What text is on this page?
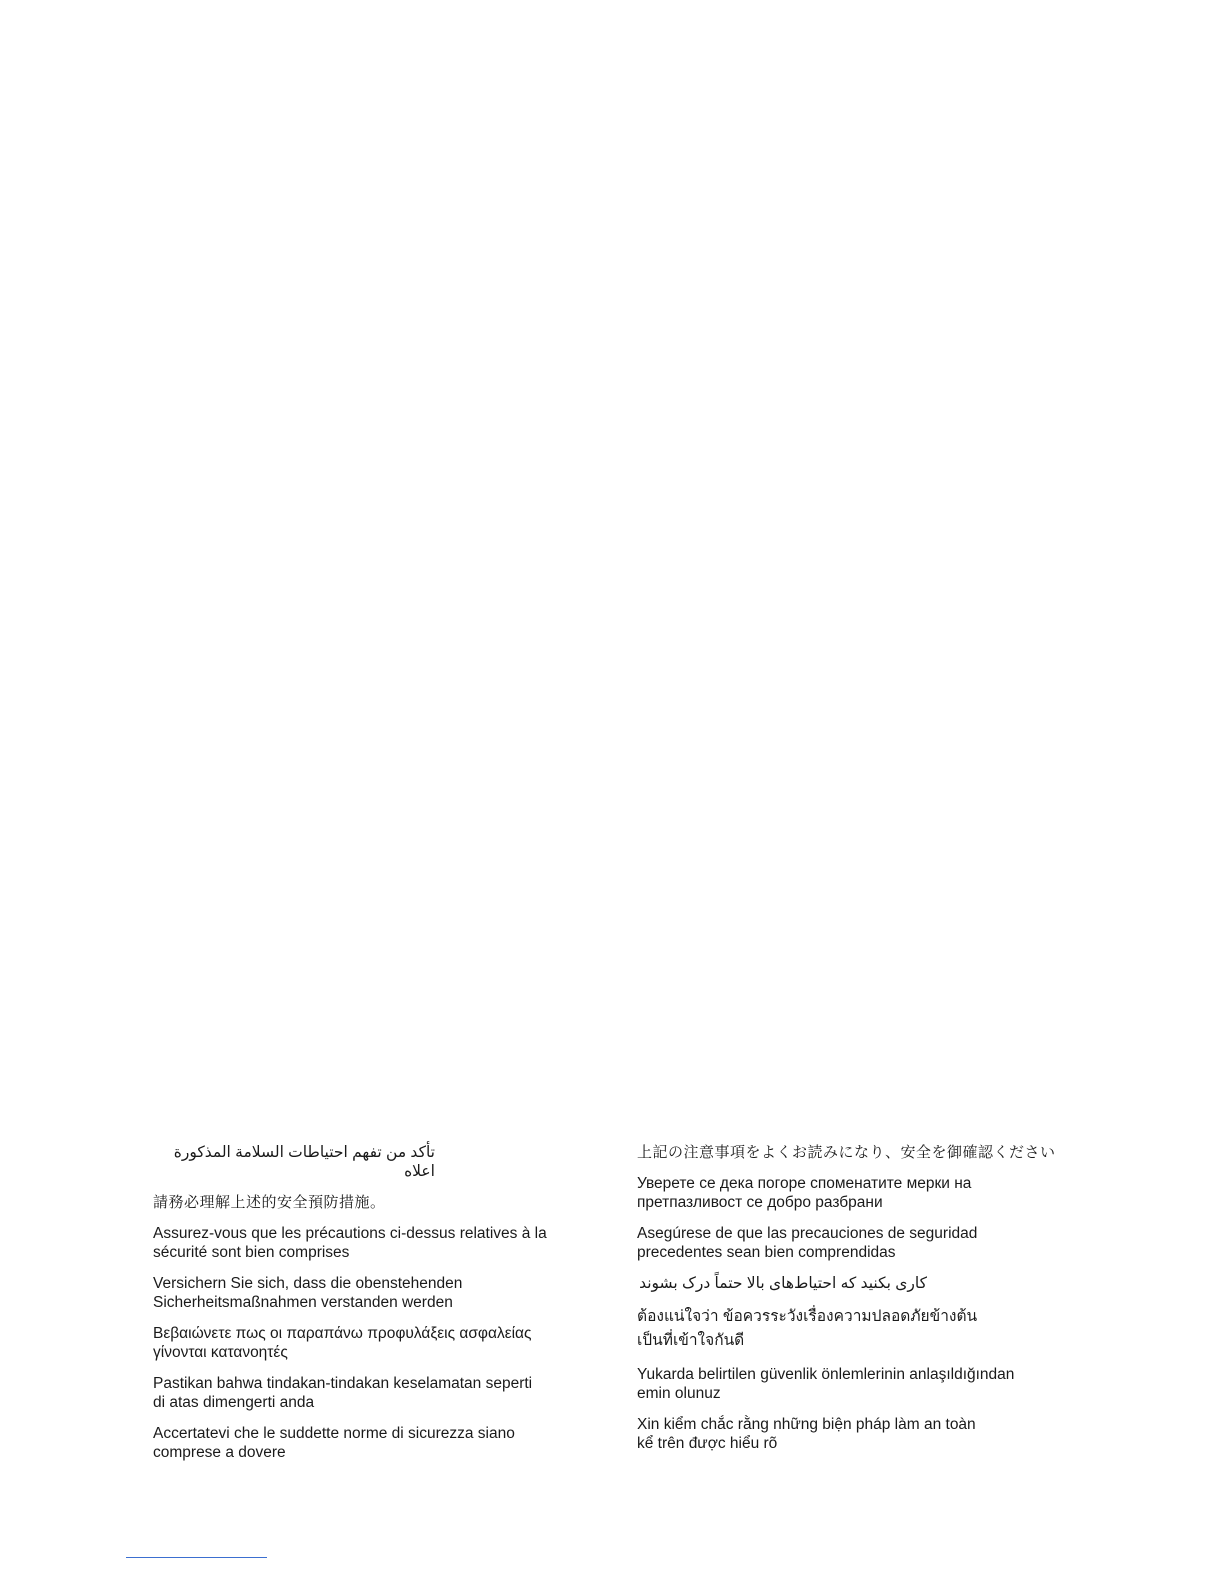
تأكد من تفهم احتياطات السلامة المذكورة اعلاه

請務必理解上述的安全預防措施。

Assurez-vous que les précautions ci-dessus relatives à la
sécurité sont bien comprises

Versichern Sie sich, dass die obenstehenden
Sicherheitsmaßnahmen verstanden werden

Βεβαιώνετε πως οι παραπάνω προφυλάξεις ασφαλείας
γίνονται κατανοητές

Pastikan bahwa tindakan-tindakan keselamatan seperti
di atas dimengerti anda

Accertatevi che le suddette norme di sicurezza siano
comprese a dovere

上記の注意事項をよくお読みになり、安全を御確認ください

Уверете се дека погоре споменатите мерки на
претпазливост се добро разбрани

Asegúrese de que las precauciones de seguridad
precedentes sean bien comprendidas

کاری بکنید که احتیاط‌های بالا حتماً درک بشوند

ต้องแน่ใจว่า ข้อควรระวังเรื่องความปลอดภัยข้างต้น
เป็นที่เข้าใจกันดี

Yukarda belirtilen güvenlik önlemlerinin anlaşıldığından
emin olunuz

Xin kiểm chắc rằng những biện pháp làm an toàn
kể trên được hiểu rõ
